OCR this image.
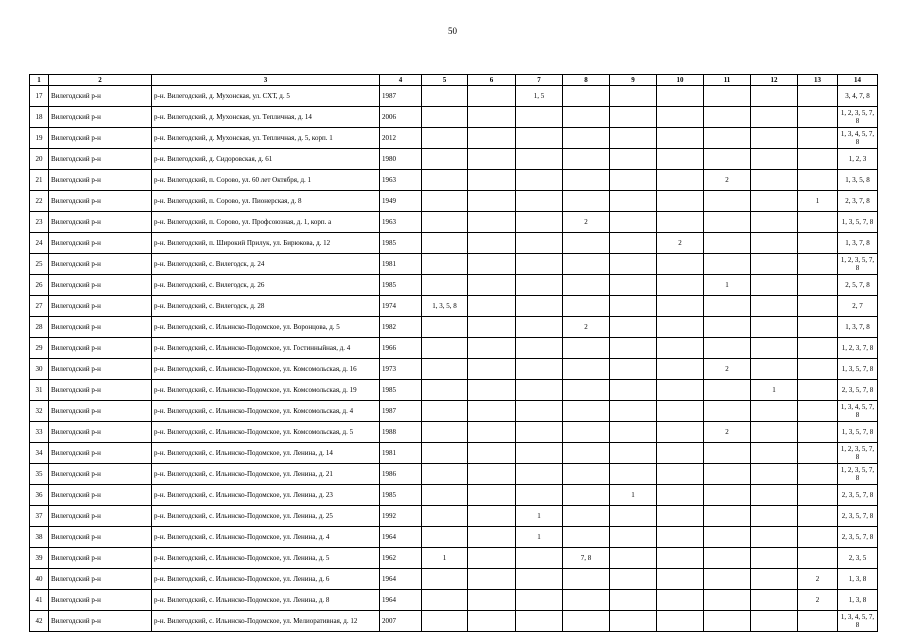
50
1	2	3	4	5	6	7	8	9	10	11	12	13	14
17	Вилегодский р-н	р-н. Вилегодский, д. Мухонская, ул. СХТ, д. 5	1987			1, 5							3, 4, 7, 8
18	Вилегодский р-н	р-н. Вилегодский, д. Мухонская, ул. Тепличная, д. 14	2006										1, 2, 3, 5, 7, 8
19	Вилегодский р-н	р-н. Вилегодский, д. Мухонская, ул. Тепличная, д. 5, корп. 1	2012										1, 3, 4, 5, 7, 8
20	Вилегодский р-н	р-н. Вилегодский, д. Сидоровская, д. 61	1980										1, 2, 3
21	Вилегодский р-н	р-н. Вилегодский, п. Сорово, ул. 60 лет Октября, д. 1	1963							2			1, 3, 5, 8
22	Вилегодский р-н	р-н. Вилегодский, п. Сорово, ул. Пионерская, д. 8	1949									1	2, 3, 7, 8
23	Вилегодский р-н	р-н. Вилегодский, п. Сорово, ул. Профсоюзная, д. 1, корп. а	1963				2						1, 3, 5, 7, 8
24	Вилегодский р-н	р-н. Вилегодский, п. Широкий Прилук, ул. Бирюкова, д. 12	1985						2				1, 3, 7, 8
25	Вилегодский р-н	р-н. Вилегодский, с. Вилегодск, д. 24	1981										1, 2, 3, 5, 7, 8
26	Вилегодский р-н	р-н. Вилегодский, с. Вилегодск, д. 26	1985							1			2, 5, 7, 8
27	Вилегодский р-н	р-н. Вилегодский, с. Вилегодск, д. 28	1974	1, 3, 5, 8									2, 7
28	Вилегодский р-н	р-н. Вилегодский, с. Ильинско-Подомское, ул. Воронцова, д. 5	1982				2						1, 3, 7, 8
29	Вилегодский р-н	р-н. Вилегодский, с. Ильинско-Подомское, ул. Гостинныйная, д. 4	1966										1, 2, 3, 7, 8
30	Вилегодский р-н	р-н. Вилегодский, с. Ильинско-Подомское, ул. Комсомольская, д. 16	1973							2			1, 3, 5, 7, 8
31	Вилегодский р-н	р-н. Вилегодский, с. Ильинско-Подомское, ул. Комсомольская, д. 19	1985								1		2, 3, 5, 7, 8
32	Вилегодский р-н	р-н. Вилегодский, с. Ильинско-Подомское, ул. Комсомольская, д. 4	1987										1, 3, 4, 5, 7, 8
33	Вилегодский р-н	р-н. Вилегодский, с. Ильинско-Подомское, ул. Комсомольская, д. 5	1988							2			1, 3, 5, 7, 8
34	Вилегодский р-н	р-н. Вилегодский, с. Ильинско-Подомское, ул. Ленина, д. 14	1981										1, 2, 3, 5, 7, 8
35	Вилегодский р-н	р-н. Вилегодский, с. Ильинско-Подомское, ул. Ленина, д. 21	1986										1, 2, 3, 5, 7, 8
36	Вилегодский р-н	р-н. Вилегодский, с. Ильинско-Подомское, ул. Ленина, д. 23	1985					1					2, 3, 5, 7, 8
37	Вилегодский р-н	р-н. Вилегодский, с. Ильинско-Подомское, ул. Ленина, д. 25	1992			1							2, 3, 5, 7, 8
38	Вилегодский р-н	р-н. Вилегодский, с. Ильинско-Подомское, ул. Ленина, д. 4	1964			1							2, 3, 5, 7, 8
39	Вилегодский р-н	р-н. Вилегодский, с. Ильинско-Подомское, ул. Ленина, д. 5	1962	1			7, 8						2, 3, 5
40	Вилегодский р-н	р-н. Вилегодский, с. Ильинско-Подомское, ул. Ленина, д. 6	1964									2	1, 3, 8
41	Вилегодский р-н	р-н. Вилегодский, с. Ильинско-Подомское, ул. Ленина, д. 8	1964									2	1, 3, 8
42	Вилегодский р-н	р-н. Вилегодский, с. Ильинско-Подомское, ул. Мелиоративная, д. 12	2007										1, 3, 4, 5, 7, 8
